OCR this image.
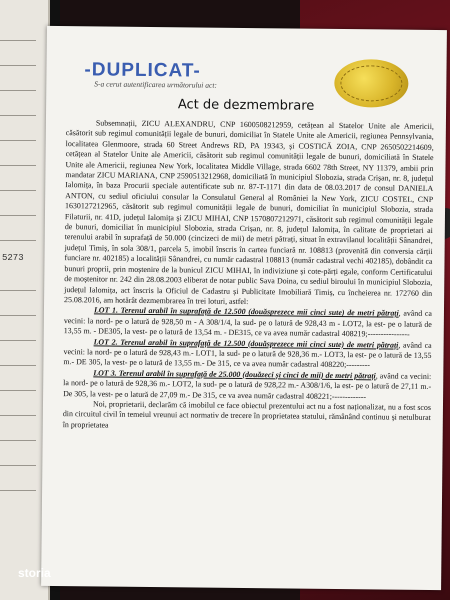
5273
-DUPLICAT-
S-a cerut autentificarea următorului act:
Act de dezmembrare

Subsemnații, ZICU ALEXANDRU, CNP 1600508212959, cetățean al Statelor Unite ale Americii, căsătorit sub regimul comunității legale de bunuri, domiciliat în Statele Unite ale Americii, regiunea Pennsylvania, localitatea Glenmoore, strada 60 Street Andrews RD, PA 19343, și COSTICĂ ZOIA, CNP 2650502214609, cetățean al Statelor Unite ale Americii, căsătorit sub regimul comunității legale de bunuri, domiciliată în Statele Unite ale Americii, regiunea New York, localitatea Middle Village, strada 6602 78th Street, NY 11379, ambii prin mandatar ZICU MARIANA, CNP 2590513212968, domiciliată în municipiul Slobozia, strada Crișan, nr. 8, județul Ialomița, în baza Procurii speciale autentificate sub nr. 87-T-1171 din data de 08.03.2017 de consul DANIELA ANTON, cu sediul oficiului consular la Consulatul General al României la New York, ZICU COSTEL, CNP 1630127212965, căsătorit sub regimul comunității legale de bunuri, domiciliat în municipiul Slobozia, strada Filaturii, nr. 41D, județul Ialomița și ZICU MIHAI, CNP 1570807212971, căsătorit sub regimul comunității legale de bunuri, domiciliat în municipiul Slobozia, strada Crișan, nr. 8, județul Ialomița, în calitate de proprietari ai terenului arabil în suprafață de 50.000 (cincizeci de mii) de metri pătrați, situat în extravilanul localității Sânandrei, județul Timiș, în sola 308/1, parcela 5, imobil înscris în cartea funciară nr. 108813 (provenită din conversia cărții funciare nr. 402185) a localității Sânandrei, cu număr cadastral 108813 (număr cadastral vechi 402185), dobândit ca bunuri proprii, prin moștenire de la bunicul ZICU MIHAI, în indiviziune și cote-părți egale, conform Certificatului de moștenitor nr. 242 din 28.08.2003 eliberat de notar public Sava Doina, cu sediul biroului în municipiul Slobozia, județul Ialomița, act înscris la Oficiul de Cadastru și Publicitate Imobiliară Timiș, cu încheierea nr. 172760 din 25.08.2016, am hotărât dezmembrarea în trei loturi, astfel:

LOT 1. Terenul arabil în suprafață de 12.500 (douăsprezece mii cinci sute) de metri pătrați, având ca vecini: la nord- pe o latură de 928,50 m - A 308/1/4, la sud- pe o latură de 928,43 m - LOT2, la est- pe o latură de 13,55 m. - DE305, la vest- pe o latură de 13,54 m. - DE315, ce va avea număr cadastral 408219;----------------

LOT 2. Terenul arabil în suprafață de 12.500 (douăsprezece mii cinci sute) de metri pătrați, având ca vecini: la nord- pe o latură de 928,43 m.- LOT1, la sud- pe o latură de 928,36 m.- LOT3, la est- pe o latură de 13,55 m.- DE 305, la vest- pe o latură de 13,55 m.- De 315, ce va avea număr cadastral 408220;---------

LOT 3. Terenul arabil în suprafață de 25.000 (douăzeci și cinci de mii) de metri pătrați, având ca vecini: la nord- pe o latură de 928,36 m.- LOT2, la sud- pe o latură de 928,22 m.- A308/1/6, la est- pe o latură de 27,11 m.- De 305, la vest- pe o latură de 27,09 m.- De 315, ce va avea număr cadastral 408221;-------------

Noi, proprietarii, declarăm că imobilul ce face obiectul prezentului act nu a fost naționalizat, nu a fost scos din circuitul civil în temeiul vreunui act normativ de trecere în proprietatea statului, rămânând continuu și netulburat în proprietatea

storia
